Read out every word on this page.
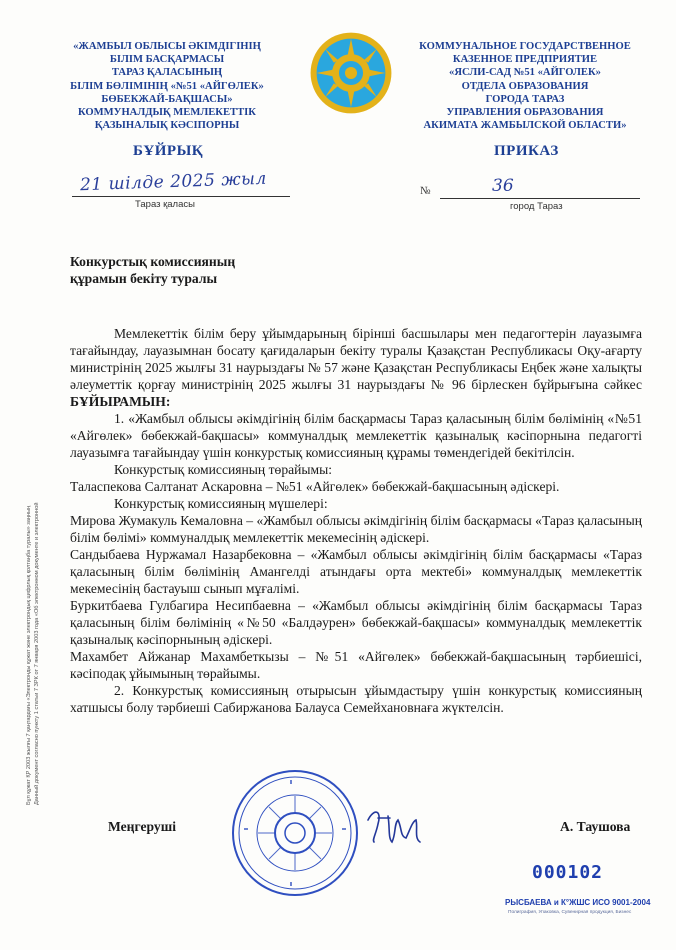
«ЖАМБЫЛ ОБЛЫСЫ ӘКІМДІГІНІҢ
БІЛІМ БАСҚАРМАСЫ
ТАРАЗ ҚАЛАСЫНЫҢ
БІЛІМ БӨЛІМІНІҢ «№51 «АЙГӨЛЕК»
БӨБЕКЖАЙ-БАҚШАСЫ»
КОММУНАЛДЫҚ МЕМЛЕКЕТТІК
ҚАЗЫНАЛЫҚ КӘСІПОРНЫ
КОММУНАЛЬНОЕ ГОСУДАРСТВЕННОЕ
КАЗЕННОЕ ПРЕДПРИЯТИЕ
«ЯСЛИ-САД №51 «АЙГОЛЕК»
ОТДЕЛА ОБРАЗОВАНИЯ
ГОРОДА ТАРАЗ
УПРАВЛЕНИЯ ОБРАЗОВАНИЯ
АКИМАТА ЖАМБЫЛСКОЙ ОБЛАСТИ»
БҰЙРЫҚ	ПРИКАЗ
21 шілде 2025 жыл
Тараз қаласы
№	36
город Тараз
Бұл құжат ҚР 2003 жылғы 7 қаңтардағы «Электронды құжат және электрондық цифрлық қолтаңба туралы» заңның Данный документ согласно пункту 1 статьи 7 ЗРК от 7 января 2003 года «Об электронном документе и электронной
Конкурстық комиссияның
құрамын бекіту туралы

Мемлекеттік білім беру ұйымдарының бірінші басшылары мен педагогтерін лауазымға тағайындау, лауазымнан босату қағидаларын бекіту туралы Қазақстан Республикасы Оқу-ағарту министрінің 2025 жылғы 31 наурыздағы № 57 және Қазақстан Республикасы Еңбек және халықты әлеуметтік қорғау министрінің 2025 жылғы 31 наурыздағы № 96 бірлескен бұйрығына сәйкес БҰЙЫРАМЫН:

1. «Жамбыл облысы әкімдігінің білім басқармасы Тараз қаласының білім бөлімінің «№51 «Айгөлек» бөбекжай-бақшасы» коммуналдық мемлекеттік қазыналық кәсіпорнына педагогті лауазымға тағайындау үшін конкурстық комиссияның құрамы төмендегідей бекітілсін.

Конкурстық комиссияның төрайымы:

Таласпекова Салтанат Аскаровна – №51 «Айгөлек» бөбекжай-бақшасының әдіскері.

Конкурстық комиссияның мүшелері:

Мирова Жумакуль Кемаловна – «Жамбыл облысы әкімдігінің білім басқармасы «Тараз қаласының білім бөлімі» коммуналдық мемлекеттік мекемесінің әдіскері.

Сандыбаева Нуржамал Назарбековна – «Жамбыл облысы әкімдігінің білім басқармасы «Тараз қаласының білім бөлімінің Амангелді атындағы орта мектебі» коммуналдық мемлекеттік мекемесінің бастауыш сынып мұғалімі.

Буркитбаева Гулбагира Несипбаевна – «Жамбыл облысы әкімдігінің білім басқармасы Тараз қаласының білім бөлімінің «№50 «Балдәурен» бөбекжай-бақшасы» коммуналдық мемлекеттік қазыналық кәсіпорнының әдіскері.

Махамбет Айжанар Махамбеткызы – №51 «Айгөлек» бөбекжай-бақшасының тәрбиешісі, кәсіподақ ұйымының төрайымы.

2. Конкурстық комиссияның отырысын ұйымдастыру үшін конкурстық комиссияның хатшысы болу тәрбиеші Сабиржанова Балауса Семейхановнаға жүктелсін.

Меңгеруші	А. Таушова
000102
РЫСБАЕВА и К°ЖШС ИСО 9001-2004
Полиграфия, Упаковка, Сувенирная продукция, Бизнес
